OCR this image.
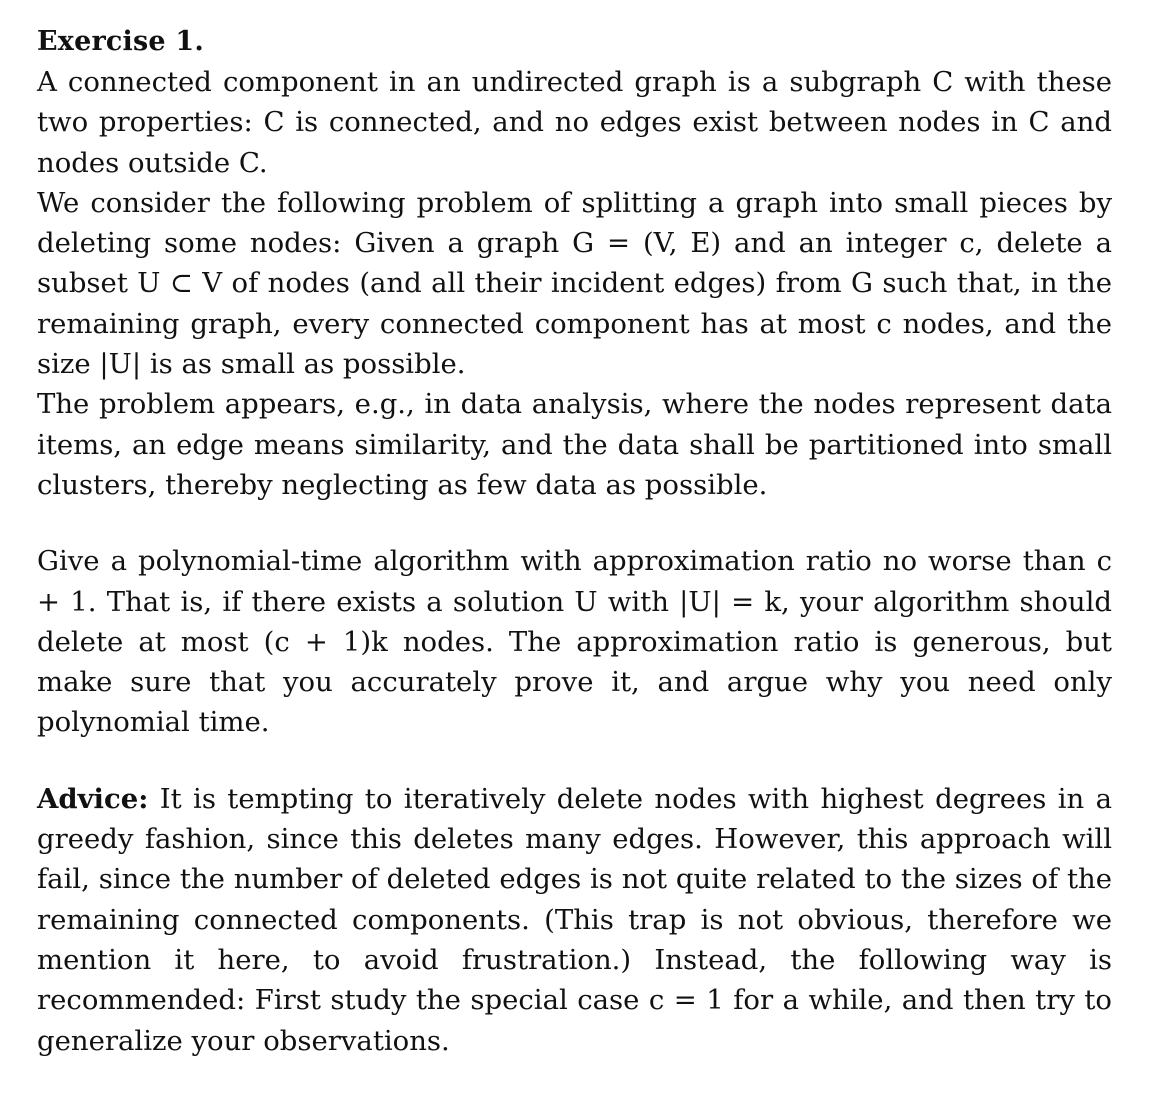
Exercise 1.

A connected component in an undirected graph is a subgraph C with these two properties: C is connected, and no edges exist between nodes in C and nodes outside C.

We consider the following problem of splitting a graph into small pieces by deleting some nodes: Given a graph G = (V, E) and an integer c, delete a subset U ⊂ V of nodes (and all their incident edges) from G such that, in the remaining graph, every connected component has at most c nodes, and the size |U| is as small as possible.

The problem appears, e.g., in data analysis, where the nodes represent data items, an edge means similarity, and the data shall be partitioned into small clusters, thereby neglecting as few data as possible.

Give a polynomial-time algorithm with approximation ratio no worse than c + 1. That is, if there exists a solution U with |U| = k, your algorithm should delete at most (c + 1)k nodes. The approximation ratio is generous, but make sure that you accurately prove it, and argue why you need only polynomial time.

Advice: It is tempting to iteratively delete nodes with highest degrees in a greedy fashion, since this deletes many edges. However, this approach will fail, since the number of deleted edges is not quite related to the sizes of the remaining connected components. (This trap is not obvious, therefore we mention it here, to avoid frustration.) Instead, the following way is recommended: First study the special case c = 1 for a while, and then try to generalize your observations.
